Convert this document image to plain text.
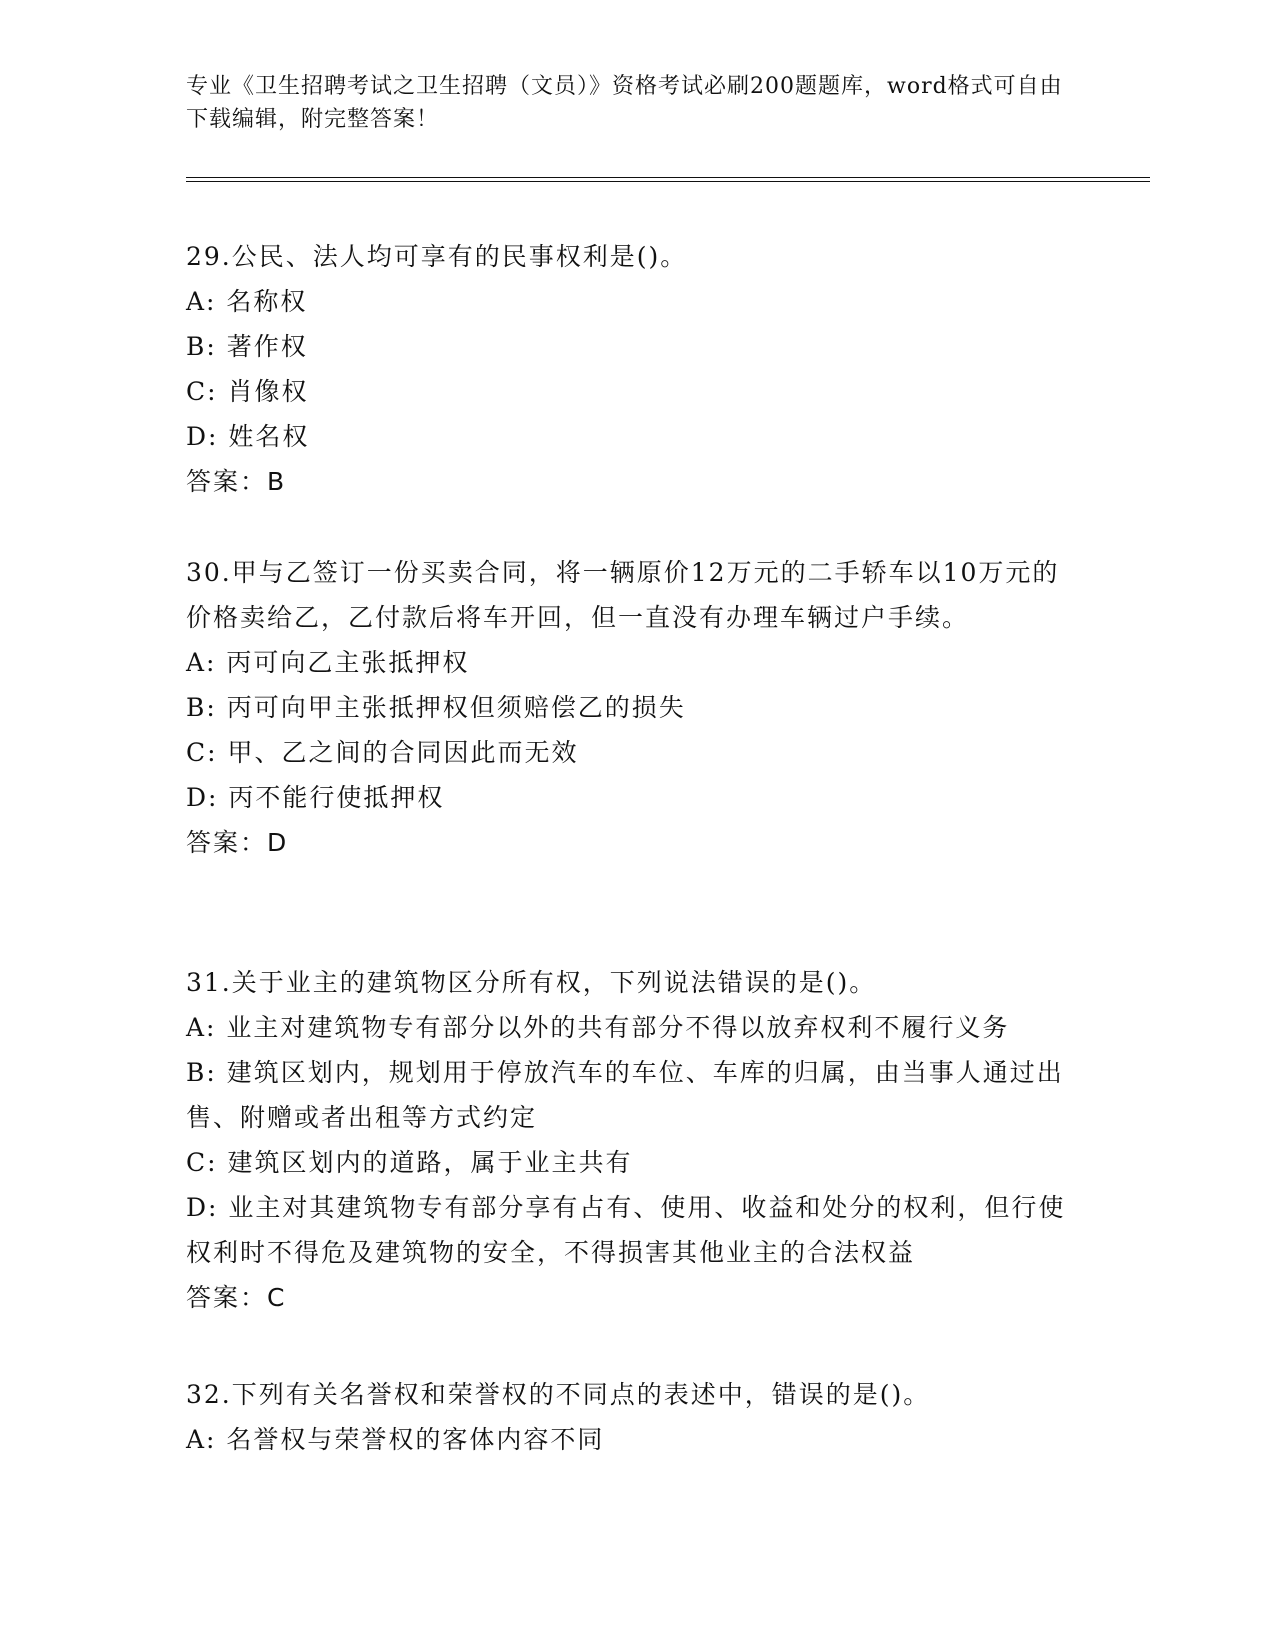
专业《卫生招聘考试之卫生招聘（文员）》资格考试必刷200题题库，word格式可自由下载编辑，附完整答案！
29.公民、法人均可享有的民事权利是()。
A: 名称权
B: 著作权
C: 肖像权
D: 姓名权
答案：B
30.甲与乙签订一份买卖合同，将一辆原价12万元的二手轿车以10万元的价格卖给乙，乙付款后将车开回，但一直没有办理车辆过户手续。
A: 丙可向乙主张抵押权
B: 丙可向甲主张抵押权但须赔偿乙的损失
C: 甲、乙之间的合同因此而无效
D: 丙不能行使抵押权
答案：D
31.关于业主的建筑物区分所有权，下列说法错误的是()。
A: 业主对建筑物专有部分以外的共有部分不得以放弃权利不履行义务
B: 建筑区划内，规划用于停放汽车的车位、车库的归属，由当事人通过出售、附赠或者出租等方式约定
C: 建筑区划内的道路，属于业主共有
D: 业主对其建筑物专有部分享有占有、使用、收益和处分的权利，但行使权利时不得危及建筑物的安全，不得损害其他业主的合法权益
答案：C
32.下列有关名誉权和荣誉权的不同点的表述中，错误的是()。
A: 名誉权与荣誉权的客体内容不同
